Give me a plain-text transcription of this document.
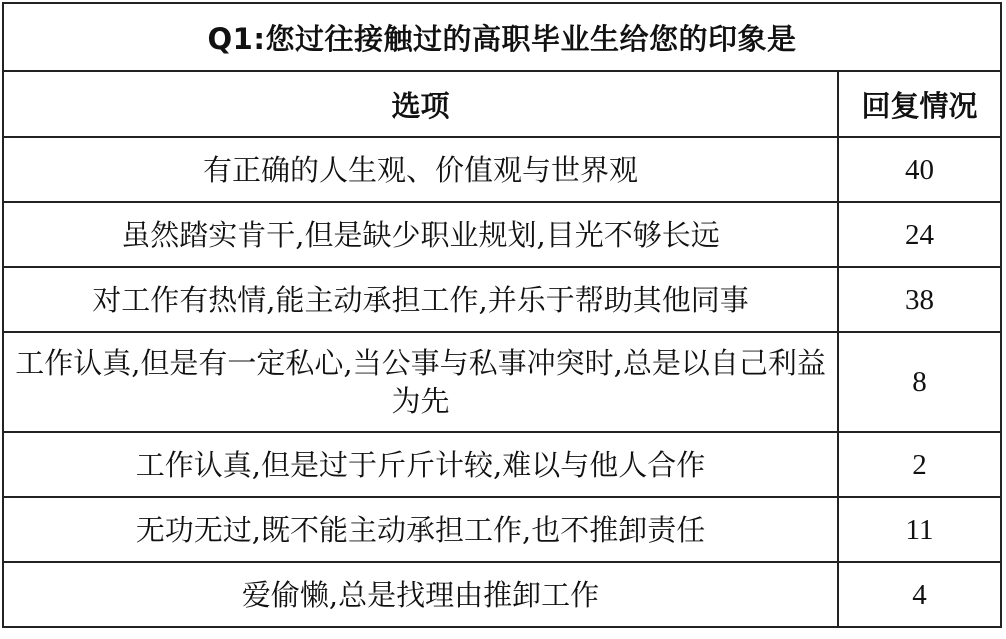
Q1:您过往接触过的高职毕业生给您的印象是	
选项	回复情况
有正确的人生观、价值观与世界观	40
虽然踏实肯干,但是缺少职业规划,目光不够长远	24
对工作有热情,能主动承担工作,并乐于帮助其他同事	38
工作认真,但是有一定私心,当公事与私事冲突时,总是以自己利益为先	8
工作认真,但是过于斤斤计较,难以与他人合作	2
无功无过,既不能主动承担工作,也不推卸责任	11
爱偷懒,总是找理由推卸工作	4
